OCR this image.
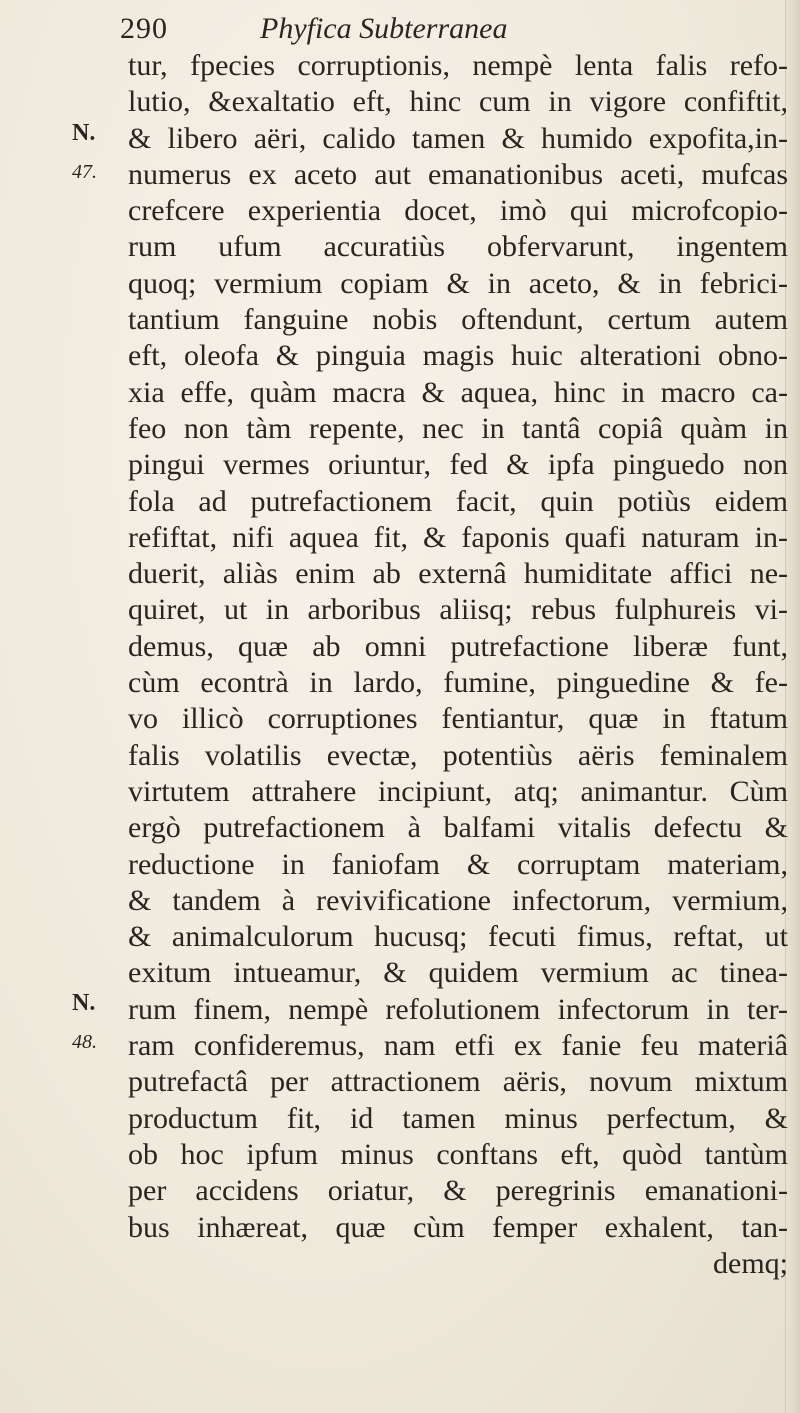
290	Phyfica Subterranea
N.
47.
N.
48.
tur, fpecies corruptionis, nempè lenta falis refo-
lutio, &exaltatio eft, hinc cum in vigore confiftit,
& libero aëri, calido tamen & humido expofita,in-
numerus ex aceto aut emanationibus aceti, mufcas
crefcere experientia docet, imò qui microfcopio-
rum ufum accuratiùs obfervarunt, ingentem
quoq; vermium copiam & in aceto, & in febrici-
tantium fanguine nobis oftendunt, certum autem
eft, oleofa & pinguia magis huic alterationi obno-
xia effe, quàm macra & aquea, hinc in macro ca-
feo non tàm repente, nec in tantâ copiâ quàm in
pingui vermes oriuntur, fed & ipfa pinguedo non
fola ad putrefactionem facit, quin potiùs eidem
refiftat, nifi aquea fit, & faponis quafi naturam in-
duerit, aliàs enim ab externâ humiditate affici ne-
quiret, ut in arboribus aliisq; rebus fulphureis vi-
demus, quæ ab omni putrefactione liberæ funt,
cùm econtrà in lardo, fumine, pinguedine & fe-
vo illicò corruptiones fentiantur, quæ in ftatum
falis volatilis evectæ, potentiùs aëris feminalem
virtutem attrahere incipiunt, atq; animantur. Cùm
ergò putrefactionem à balfami vitalis defectu &
reductione in faniofam & corruptam materiam,
& tandem à revivificatione infectorum, vermium,
& animalculorum hucusq; fecuti fimus, reftat, ut
exitum intueamur, & quidem vermium ac tinea-
rum finem, nempè refolutionem infectorum in ter-
ram confideremus, nam etfi ex fanie feu materiâ
putrefactâ per attractionem aëris, novum mixtum
productum fit, id tamen minus perfectum, &
ob hoc ipfum minus conftans eft, quòd tantùm
per accidens oriatur, & peregrinis emanationi-
bus inhæreat, quæ cùm femper exhalent, tan-
demq;
